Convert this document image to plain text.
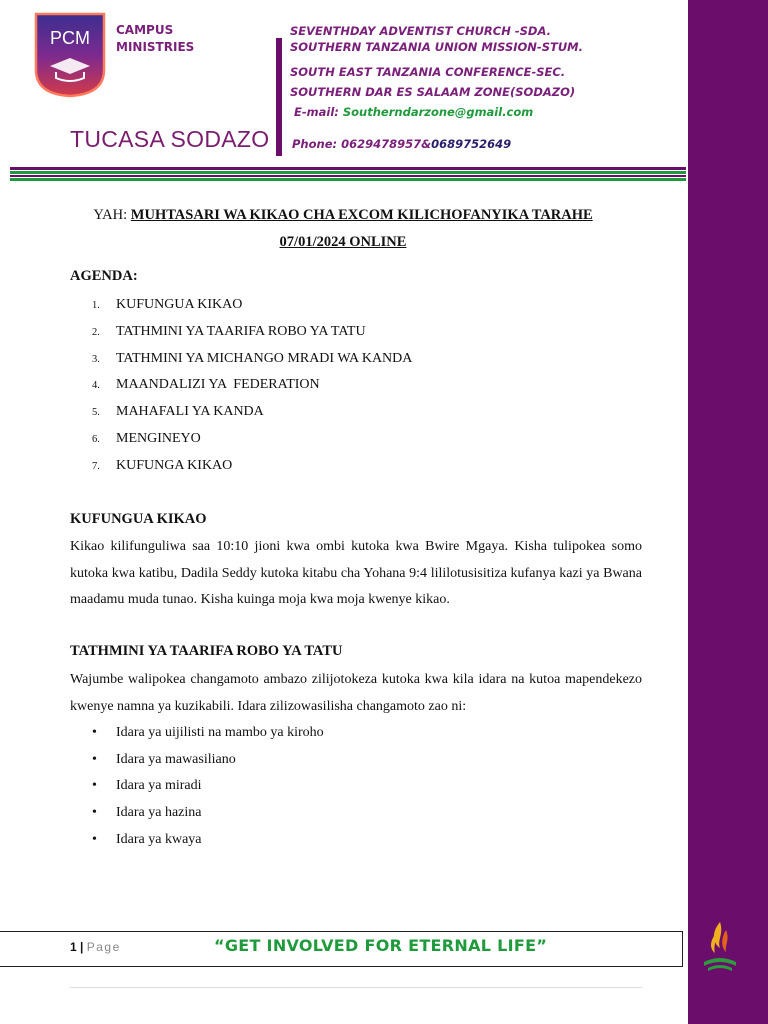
PCM CAMPUS
MINISTRIES
TUCASA SODAZO
SEVENTHDAY ADVENTIST CHURCH -SDA.
SOUTHERN TANZANIA UNION MISSION-STUM.
SOUTH EAST TANZANIA CONFERENCE-SEC.
SOUTHERN DAR ES SALAAM ZONE(SODAZO)
E-mail: Southerndarzone@gmail.com
Phone: 0629478957&0689752649
YAH: MUHTASARI WA KIKAO CHA EXCOM KILICHOFANYIKA TARAHE
07/01/2024 ONLINE
AGENDA:
1. KUFUNGUA KIKAO
2. TATHMINI YA TAARIFA ROBO YA TATU
3. TATHMINI YA MICHANGO MRADI WA KANDA
4. MAANDALIZI YA  FEDERATION
5. MAHAFALI YA KANDA
6. MENGINEYO
7. KUFUNGA KIKAO
KUFUNGUA KIKAO
Kikao kilifunguliwa saa 10:10 jioni kwa ombi kutoka kwa Bwire Mgaya. Kisha tulipokea somo kutoka kwa katibu, Dadila Seddy kutoka kitabu cha Yohana 9:4 lililotusisitiza kufanya kazi ya Bwana maadamu muda tunao. Kisha kuinga moja kwa moja kwenye kikao.
TATHMINI YA TAARIFA ROBO YA TATU
Wajumbe walipokea changamoto ambazo zilijotokeza kutoka kwa kila idara na kutoa mapendekezo kwenye namna ya kuzikabili. Idara zilizowasilisha changamoto zao ni:
• Idara ya uijilisti na mambo ya kiroho
• Idara ya mawasiliano
• Idara ya miradi
• Idara ya hazina
• Idara ya kwaya
1 | Page	“GET INVOLVED FOR ETERNAL LIFE”
